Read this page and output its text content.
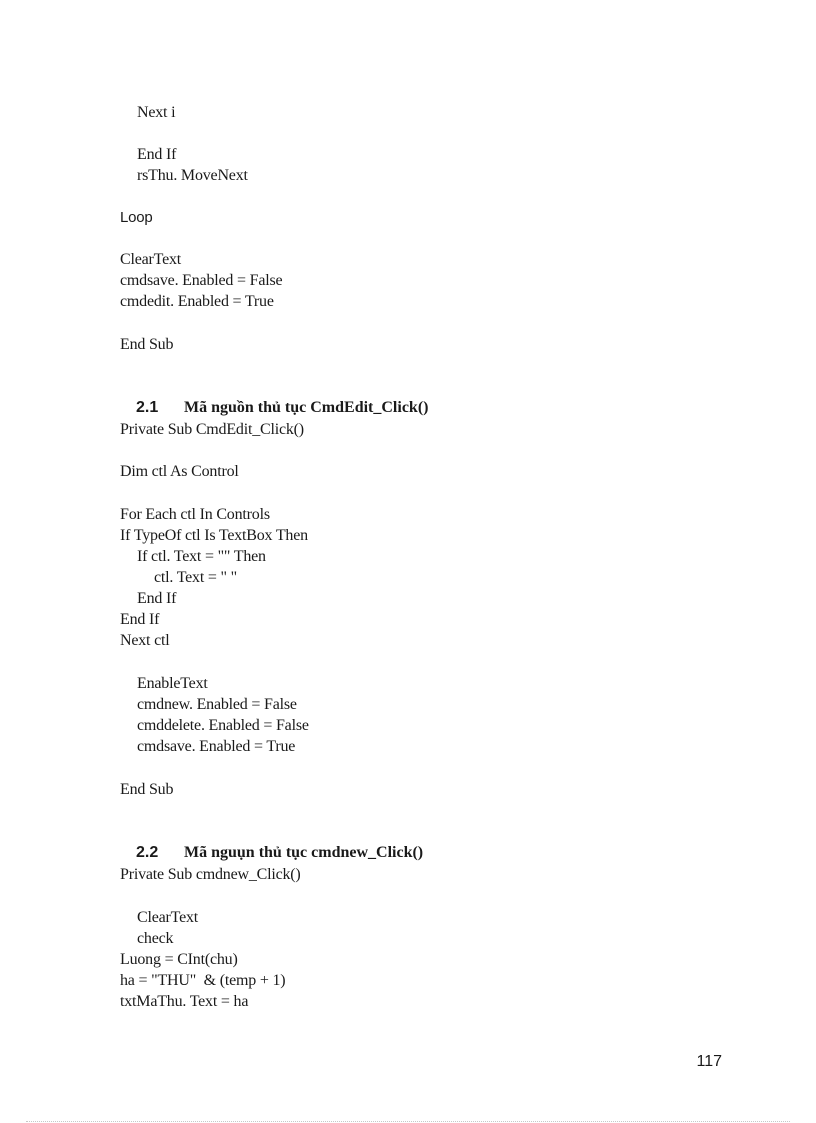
Next i
End If
rsThu. MoveNext
Loop
ClearText
cmdsave. Enabled = False
cmdedit. Enabled = True
End Sub

2.1 Mã nguồn thủ tục CmdEdit_Click()

Private Sub CmdEdit_Click()
Dim ctl As Control
For Each ctl In Controls
If TypeOf ctl Is TextBox Then
If ctl. Text = "" Then
ctl. Text = " "
End If
End If
Next ctl
EnableText
cmdnew. Enabled = False
cmddelete. Enabled = False
cmdsave. Enabled = True
End Sub

2.2 Mã nguụn thủ tục cmdnew_Click()

Private Sub cmdnew_Click()
ClearText
check
Luong = CInt(chu)
ha = "THU"  & (temp + 1)
txtMaThu. Text = ha
117
